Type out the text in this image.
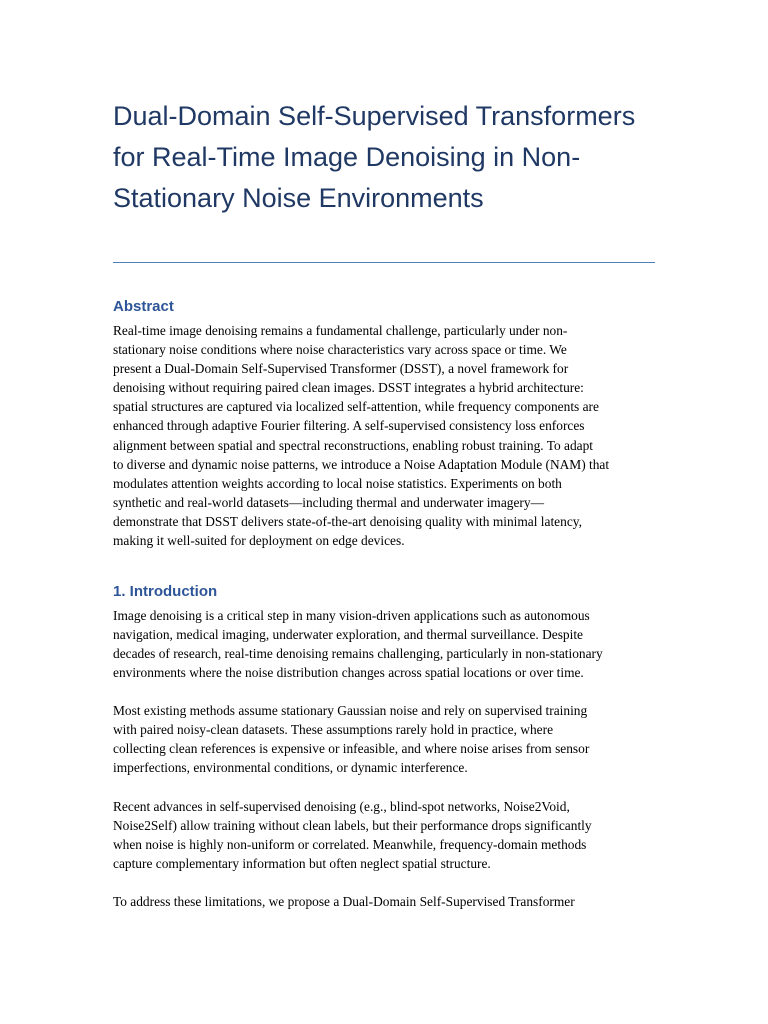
Dual-Domain Self-Supervised Transformers for Real-Time Image Denoising in Non-Stationary Noise Environments
Abstract

Real-time image denoising remains a fundamental challenge, particularly under non-
stationary noise conditions where noise characteristics vary across space or time. We
present a Dual-Domain Self-Supervised Transformer (DSST), a novel framework for
denoising without requiring paired clean images. DSST integrates a hybrid architecture:
spatial structures are captured via localized self-attention, while frequency components are
enhanced through adaptive Fourier filtering. A self-supervised consistency loss enforces
alignment between spatial and spectral reconstructions, enabling robust training. To adapt
to diverse and dynamic noise patterns, we introduce a Noise Adaptation Module (NAM) that
modulates attention weights according to local noise statistics. Experiments on both
synthetic and real-world datasets—including thermal and underwater imagery—
demonstrate that DSST delivers state-of-the-art denoising quality with minimal latency,
making it well-suited for deployment on edge devices.

1. Introduction

Image denoising is a critical step in many vision-driven applications such as autonomous
navigation, medical imaging, underwater exploration, and thermal surveillance. Despite
decades of research, real-time denoising remains challenging, particularly in non-stationary
environments where the noise distribution changes across spatial locations or over time.

Most existing methods assume stationary Gaussian noise and rely on supervised training
with paired noisy-clean datasets. These assumptions rarely hold in practice, where
collecting clean references is expensive or infeasible, and where noise arises from sensor
imperfections, environmental conditions, or dynamic interference.

Recent advances in self-supervised denoising (e.g., blind-spot networks, Noise2Void,
Noise2Self) allow training without clean labels, but their performance drops significantly
when noise is highly non-uniform or correlated. Meanwhile, frequency-domain methods
capture complementary information but often neglect spatial structure.

To address these limitations, we propose a Dual-Domain Self-Supervised Transformer
